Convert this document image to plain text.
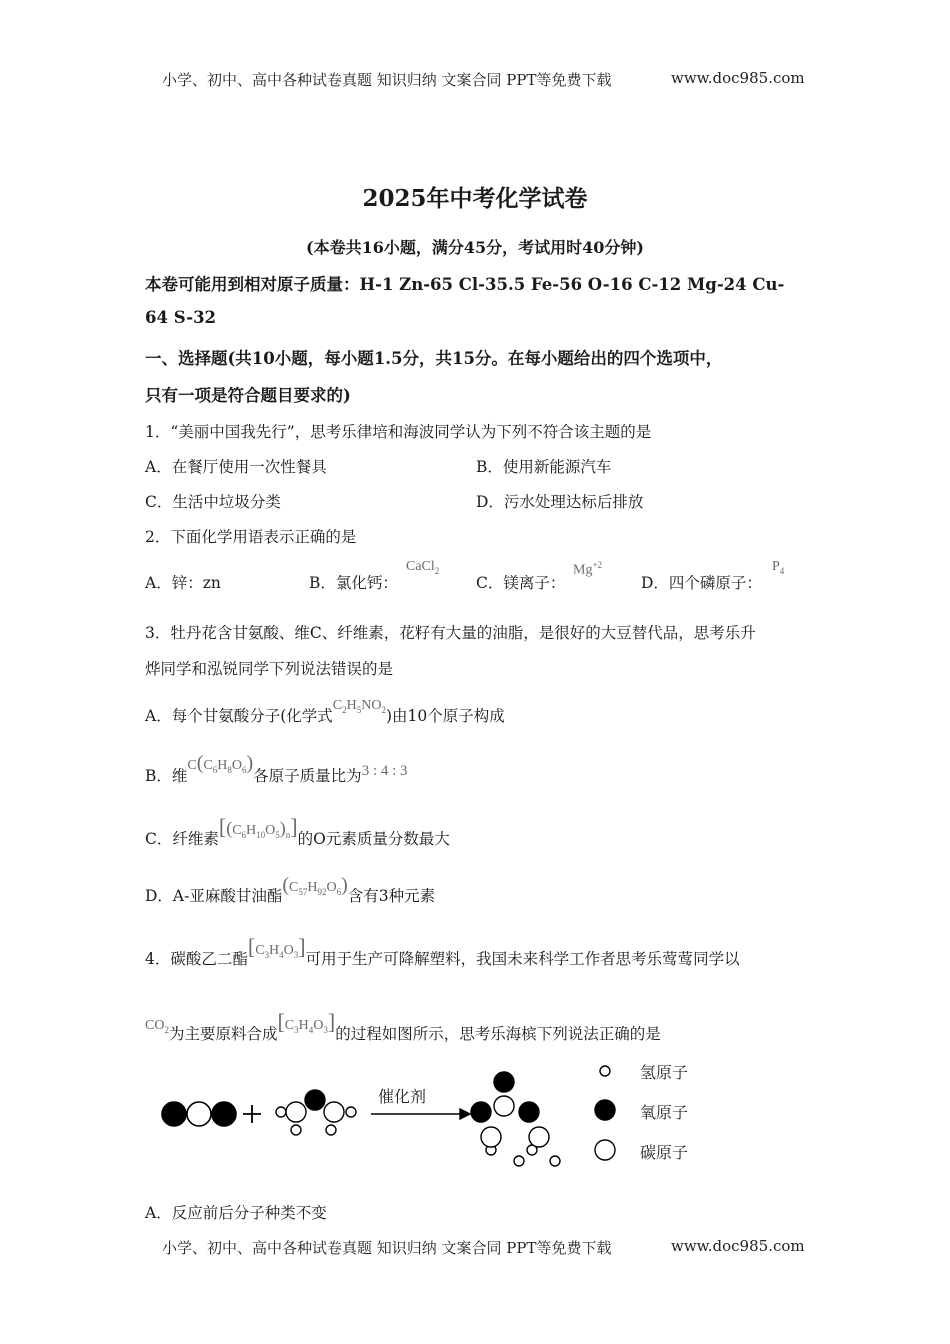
小学、初中、高中各种试卷真题 知识归纳 文案合同 PPT等免费下载	www.doc985.com
2025年中考化学试卷
(本卷共16小题，满分45分，考试用时40分钟)
本卷可能用到相对原子质量：H-1 Zn-65 Cl-35.5 Fe-56 O-16 C-12 Mg-24 Cu-
64 S-32
一、选择题(共10小题，每小题1.5分，共15分。在每小题给出的四个选项中，
只有一项是符合题目要求的)
1．“美丽中国我先行”，思考乐律培和海波同学认为下列不符合该主题的是
A．在餐厅使用一次性餐具	B．使用新能源汽车
C．生活中垃圾分类	D．污水处理达标后排放
2．下面化学用语表示正确的是
A．锌：zn	B．氯化钙：
CaCl$_2$
C．镁离子：
$Mg^{+2}$
D．四个磷原子：
$P_4$
3．牡丹花含甘氨酸、维C、纤维素，花籽有大量的油脂，是很好的大豆替代品，思考乐升
烨同学和泓锐同学下列说法错误的是
A．每个甘氨酸分子(化学式$C_2H_5NO_2$)由10个原子构成
B．维$C(C_6H_8O_6)$各原子质量比为3 : 4 : 3
C．纤维素$[(C_6H_{10}O_5)_n]$的O元素质量分数最大
D．A-亚麻酸甘油酯$(C_{57}H_{92}O_6)$含有3种元素
4．碳酸乙二酯$[C_3H_4O_3]$可用于生产可降解塑料，我国未来科学工作者思考乐莺莺同学以
$CO_2$为主要原料合成$[C_3H_4O_3]$的过程如图所示，思考乐海槟下列说法正确的是
催化剂
氢原子
氧原子
碳原子
A．反应前后分子种类不变
小学、初中、高中各种试卷真题 知识归纳 文案合同 PPT等免费下载	www.doc985.com
